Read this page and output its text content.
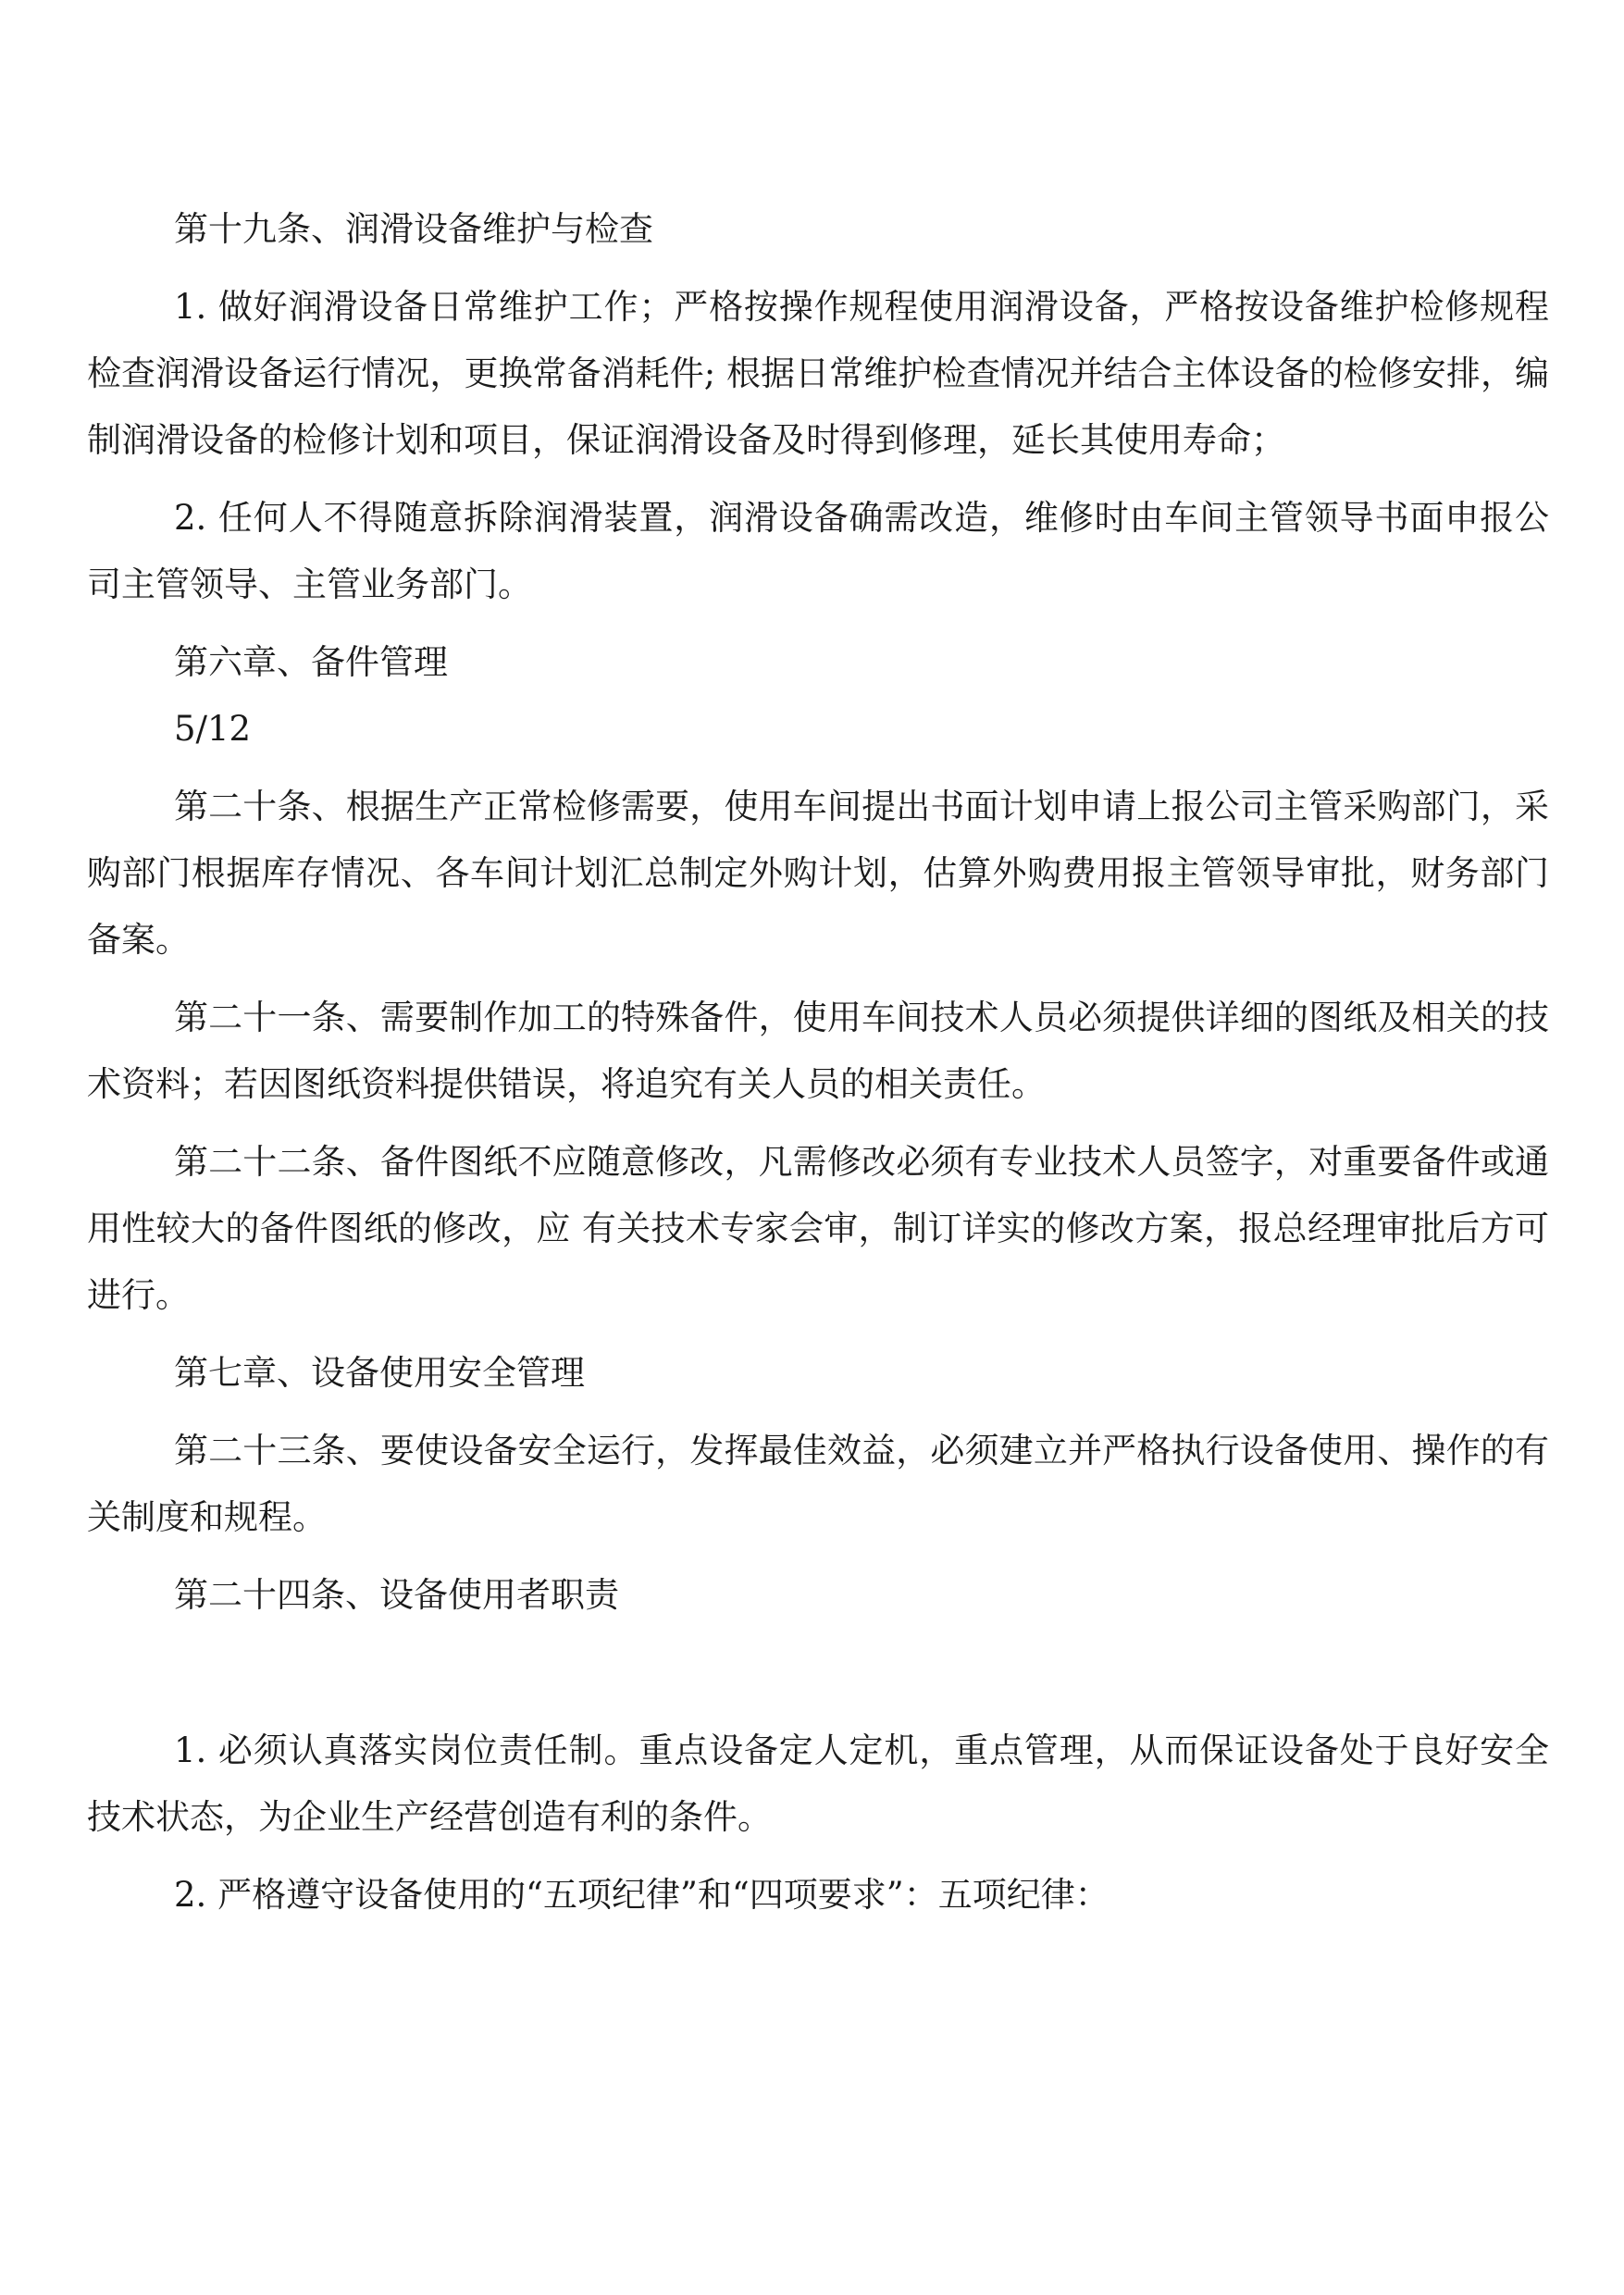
第十九条、润滑设备维护与检查

1. 做好润滑设备日常维护工作；严格按操作规程使用润滑设备，严格按设备维护检修规程检查润滑设备运行情况，更换常备消耗件; 根据日常维护检查情况并结合主体设备的检修安排，编制润滑设备的检修计划和项目，保证润滑设备及时得到修理，延长其使用寿命；

2. 任何人不得随意拆除润滑装置，润滑设备确需改造，维修时由车间主管领导书面申报公司主管领导、主管业务部门。

第六章、备件管理

5/12

第二十条、根据生产正常检修需要，使用车间提出书面计划申请上报公司主管采购部门，采购部门根据库存情况、各车间计划汇总制定外购计划，估算外购费用报主管领导审批，财务部门备案。

第二十一条、需要制作加工的特殊备件，使用车间技术人员必须提供详细的图纸及相关的技术资料；若因图纸资料提供错误，将追究有关人员的相关责任。

第二十二条、备件图纸不应随意修改，凡需修改必须有专业技术人员签字，对重要备件或通用性较大的备件图纸的修改，应 有关技术专家会审，制订详实的修改方案，报总经理审批后方可进行。

第七章、设备使用安全管理

第二十三条、要使设备安全运行，发挥最佳效益，必须建立并严格执行设备使用、操作的有关制度和规程。

第二十四条、设备使用者职责

1. 必须认真落实岗位责任制。重点设备定人定机，重点管理，从而保证设备处于良好安全技术状态，为企业生产经营创造有利的条件。

2. 严格遵守设备使用的“五项纪律”和“四项要求”：五项纪律：
